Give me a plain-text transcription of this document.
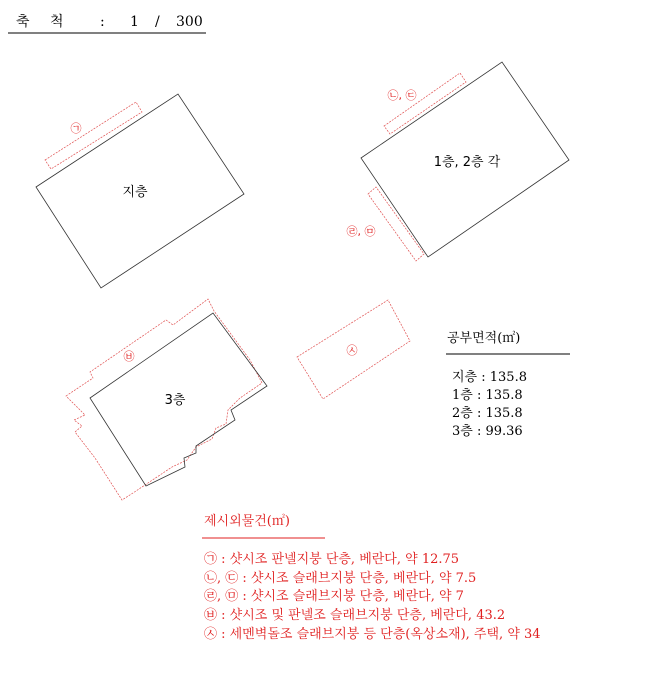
축 척	: 1 / 300
지층
㉠
1층, 2층 각
㉡, ㉢
㉣, ㉤
3층
㉥	㉦
공부면적(㎡)
지층 : 135.8
1층 : 135.8
2층 : 135.8
3층 : 99.36
제시외물건(㎡)
㉠ : 샷시조 판넬지붕 단층, 베란다, 약 12.75
㉡, ㉢ : 샷시조 슬래브지붕 단층, 베란다, 약 7.5
㉣, ㉤ : 샷시조 슬래브지붕 단층, 베란다, 약 7
㉥ : 샷시조 및 판넬조 슬래브지붕 단층, 베란다, 43.2
㉦ : 세멘벽돌조 슬래브지붕 등 단층(옥상소재), 주택, 약 34
